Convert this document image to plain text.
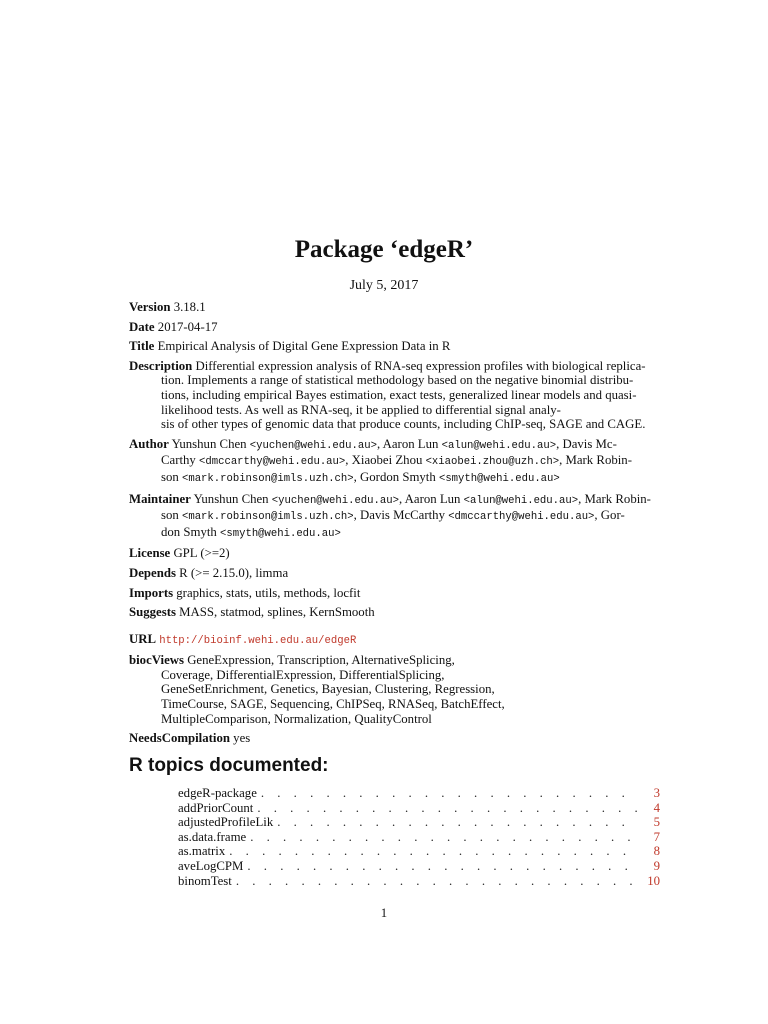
Package ‘edgeR’
July 5, 2017
Version 3.18.1
Date 2017-04-17
Title Empirical Analysis of Digital Gene Expression Data in R
Description Differential expression analysis of RNA-seq expression profiles with biological replica-
tion. Implements a range of statistical methodology based on the negative binomial distribu-
tions, including empirical Bayes estimation, exact tests, generalized linear models and quasi-
likelihood tests. As well as RNA-seq, it be applied to differential signal analy-
sis of other types of genomic data that produce counts, including ChIP-seq, SAGE and CAGE.
Author Yunshun Chen <yuchen@wehi.edu.au>, Aaron Lun <alun@wehi.edu.au>, Davis Mc-
Carthy <dmccarthy@wehi.edu.au>, Xiaobei Zhou <xiaobei.zhou@uzh.ch>, Mark Robin-
son <mark.robinson@imls.uzh.ch>, Gordon Smyth <smyth@wehi.edu.au>
Maintainer Yunshun Chen <yuchen@wehi.edu.au>, Aaron Lun <alun@wehi.edu.au>, Mark Robin-
son <mark.robinson@imls.uzh.ch>, Davis McCarthy <dmccarthy@wehi.edu.au>, Gor-
don Smyth <smyth@wehi.edu.au>
License GPL (>=2)
Depends R (>= 2.15.0), limma
Imports graphics, stats, utils, methods, locfit
Suggests MASS, statmod, splines, KernSmooth
URL http://bioinf.wehi.edu.au/edgeR
biocViews GeneExpression, Transcription, AlternativeSplicing,
Coverage, DifferentialExpression, DifferentialSplicing,
GeneSetEnrichment, Genetics, Bayesian, Clustering, Regression,
TimeCourse, SAGE, Sequencing, ChIPSeq, RNASeq, BatchEffect,
MultipleComparison, Normalization, QualityControl
NeedsCompilation yes
R topics documented:
edgeR-package . . .	3
addPriorCount . . .	4
adjustedProfileLik . . .	5
as.data.frame . . .	7
as.matrix . . .	8
aveLogCPM . . .	9
binomTest . . .	10
1
